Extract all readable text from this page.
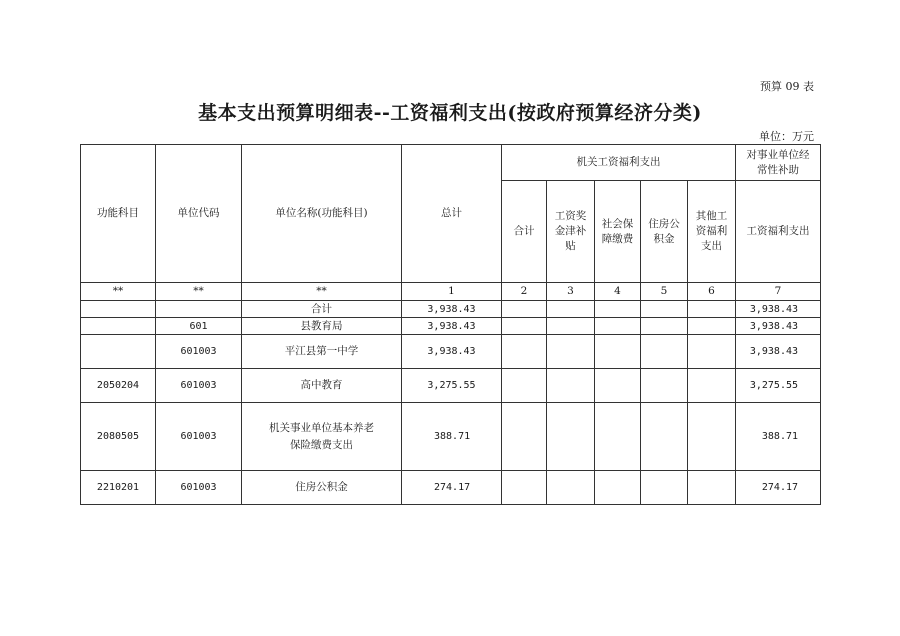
预算 09 表
基本支出预算明细表--工资福利支出(按政府预算经济分类)
单位：万元
功能科目	单位代码	单位名称(功能科目)	总计	机关工资福利支出					对事业单位经常性补助
				合计	工资奖金津补贴	社会保障缴费	住房公积金	其他工资福利支出	工资福利支出
**	**	**	1	2	3	4	5	6	7
		合计	3,938.43						3,938.43
	601	县教育局	3,938.43						3,938.43
	601003	平江县第一中学	3,938.43						3,938.43
2050204	601003	高中教育	3,275.55						3,275.55
2080505	601003	机关事业单位基本养老保险缴费支出	388.71						388.71
2210201	601003	住房公积金	274.17						274.17
